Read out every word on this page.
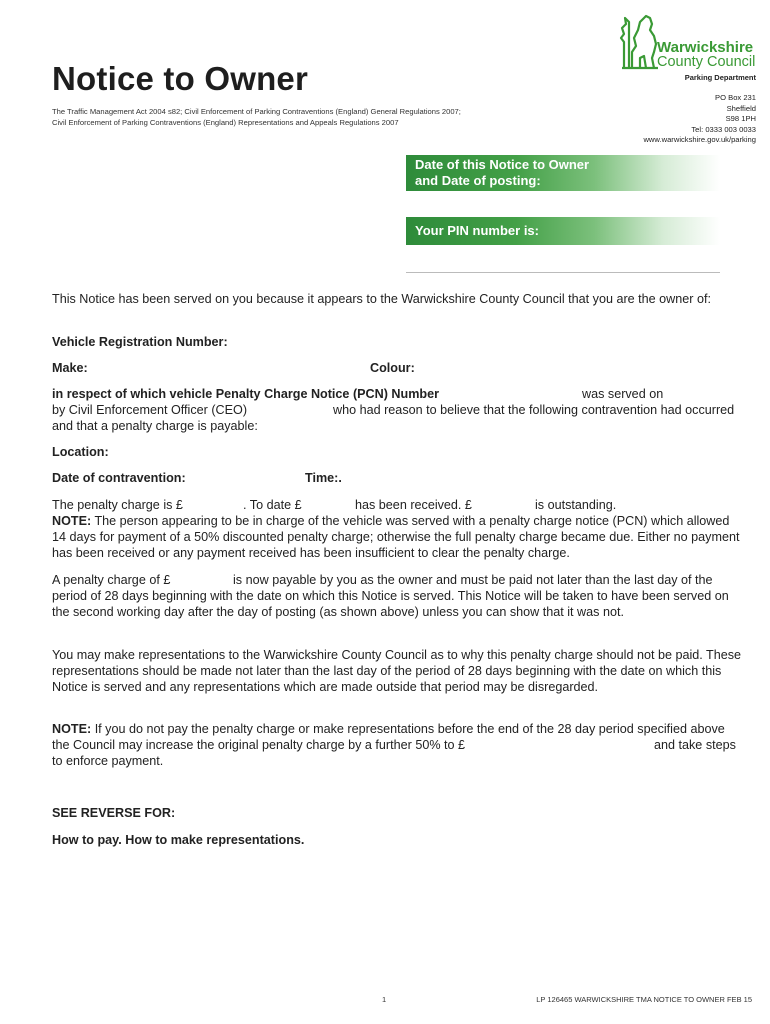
Notice to Owner
The Traffic Management Act 2004 s82; Civil Enforcement of Parking Contraventions (England) General Regulations 2007;
Civil Enforcement of Parking Contraventions (England) Representations and Appeals Regulations 2007
Warwickshire
County Council
Parking Department
PO Box 231
Sheffield
S98 1PH
Tel: 0333 003 0033
www.warwickshire.gov.uk/parking
Date of this Notice to Owner
and Date of posting:
Your PIN number is:
This Notice has been served on you because it appears to the Warwickshire County Council that you are the owner of:
Vehicle Registration Number:
Make:	Colour:
in respect of which vehicle Penalty Charge Notice (PCN) Number	was served on
by Civil Enforcement Officer (CEO)	who had reason to believe that the following contravention had occurred and that a penalty charge is payable:
Location:
Date of contravention:	Time:.
The penalty charge is £	. To date £	has been received. £	is outstanding.
NOTE: The person appearing to be in charge of the vehicle was served with a penalty charge notice (PCN) which allowed 14 days for payment of a 50% discounted penalty charge; otherwise the full penalty charge became due. Either no payment has been received or any payment received has been insufficient to clear the penalty charge.
A penalty charge of £	is now payable by you as the owner and must be paid not later than the last day of the period of 28 days beginning with the date on which this Notice is served. This Notice will be taken to have been served on the second working day after the day of posting (as shown above) unless you can show that it was not.
You may make representations to the Warwickshire County Council as to why this penalty charge should not be paid. These representations should be made not later than the last day of the period of 28 days beginning with the date on which this Notice is served and any representations which are made outside that period may be disregarded.
NOTE: If you do not pay the penalty charge or make representations before the end of the 28 day period specified above the Council may increase the original penalty charge by a further 50% to £	and take steps
SEE REVERSE FOR:
How to pay. How to make representations.
1	LP 126465 WARWICKSHIRE TMA NOTICE TO OWNER FEB 15
to enforce payment.
